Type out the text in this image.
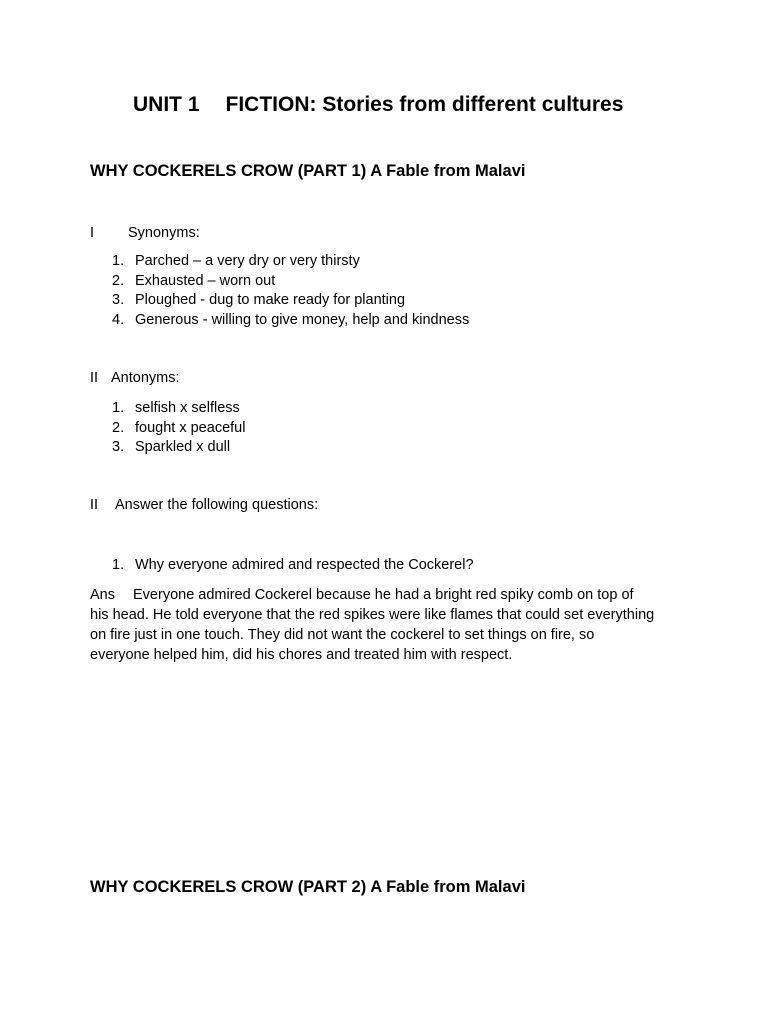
UNIT 1 FICTION: Stories from different cultures
WHY COCKERELS CROW (PART 1) A Fable from Malavi
I Synonyms:
1. Parched – a very dry or very thirsty
2. Exhausted – worn out
3. Ploughed - dug to make ready for planting
4. Generous - willing to give money, help and kindness
II Antonyms:
1. selfish x selfless
2. fought x peaceful
3. Sparkled x dull
II Answer the following questions:
1. Why everyone admired and respected the Cockerel?
Ans Everyone admired Cockerel because he had a bright red spiky comb on top of
his head. He told everyone that the red spikes were like flames that could set everything
on fire just in one touch. They did not want the cockerel to set things on fire, so
everyone helped him, did his chores and treated him with respect.
WHY COCKERELS CROW (PART 2) A Fable from Malavi
